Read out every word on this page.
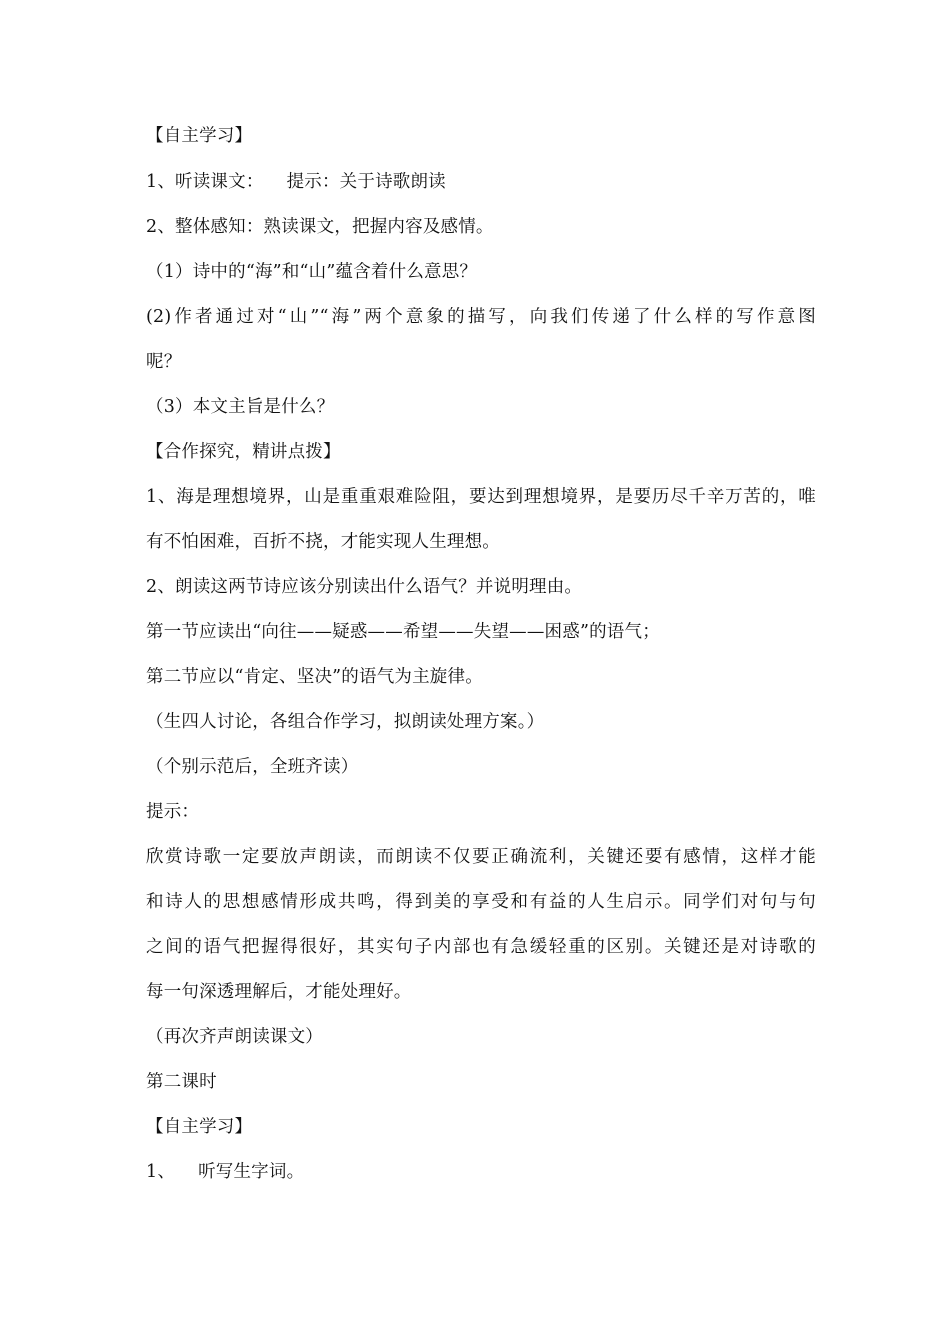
【自主学习】
1、听读课文：    提示：关于诗歌朗读
2、整体感知：熟读课文，把握内容及感情。
（1）诗中的“海”和“山”蕴含着什么意思？
(2)作者通过对“山”“海”两个意象的描写，向我们传递了什么样的写作意图
呢？
（3）本文主旨是什么？
【合作探究，精讲点拨】
1、海是理想境界，山是重重艰难险阻，要达到理想境界，是要历尽千辛万苦的，唯
有不怕困难，百折不挠，才能实现人生理想。
2、朗读这两节诗应该分别读出什么语气？并说明理由。
第一节应读出“向往——疑惑——希望——失望——困惑”的语气；
第二节应以“肯定、坚决”的语气为主旋律。
（生四人讨论，各组合作学习，拟朗读处理方案。）
（个别示范后，全班齐读）
提示：
欣赏诗歌一定要放声朗读，而朗读不仅要正确流利，关键还要有感情，这样才能
和诗人的思想感情形成共鸣，得到美的享受和有益的人生启示。同学们对句与句
之间的语气把握得很好，其实句子内部也有急缓轻重的区别。关键还是对诗歌的
每一句深透理解后，才能处理好。
（再次齐声朗读课文）
第二课时
【自主学习】
1、    听写生字词。
